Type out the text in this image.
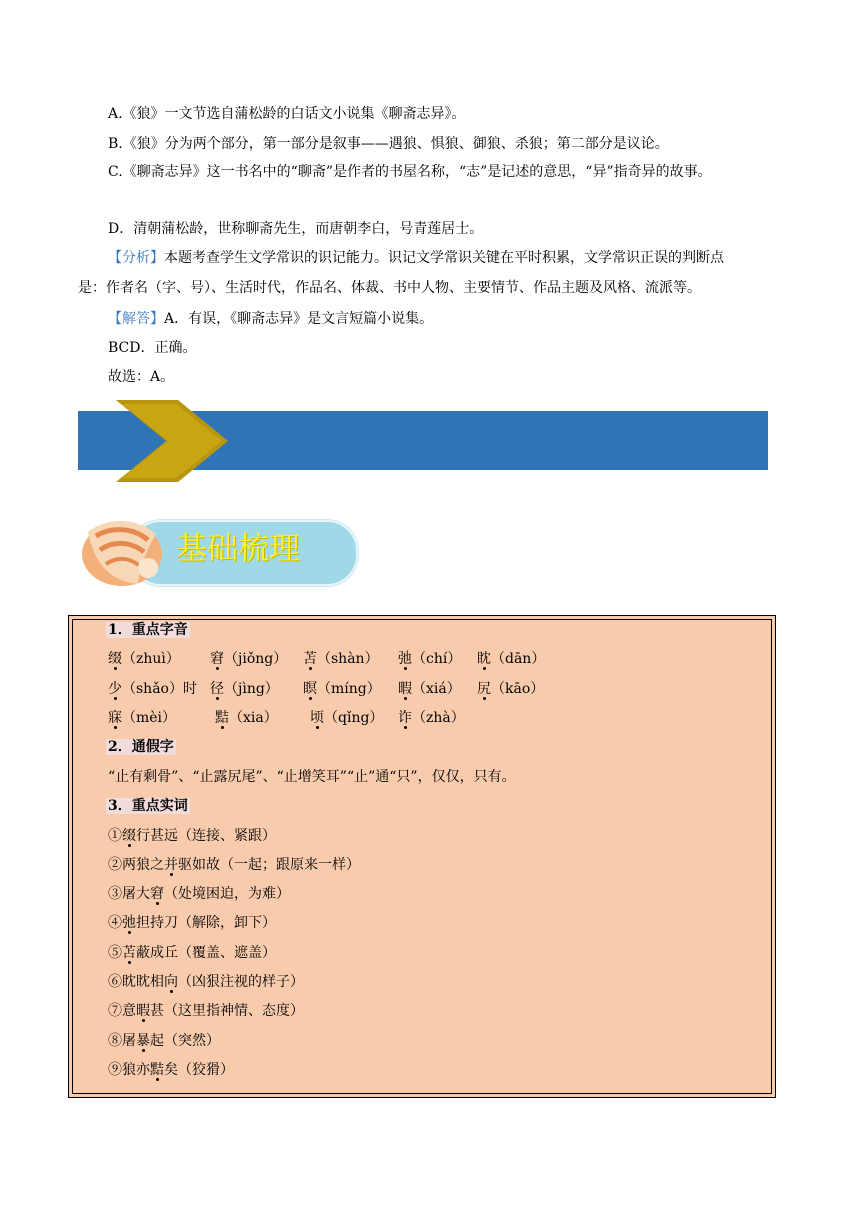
A.《狼》一文节选自蒲松龄的白话文小说集《聊斋志异》。
B.《狼》分为两个部分，第一部分是叙事——遇狼、惧狼、御狼、杀狼；第二部分是议论。
C.《聊斋志异》这一书名中的“聊斋”是作者的书屋名称，“志”是记述的意思，“异”指奇异的故事。
D．清朝蒲松龄，世称聊斋先生，而唐朝李白，号青莲居士。
【分析】本题考查学生文学常识的识记能力。识记文学常识关键在平时积累，文学常识正误的判断点
是：作者名（字、号）、生活时代，作品名、体裁、书中人物、主要情节、作品主题及风格、流派等。
【解答】A．有误，《聊斋志异》是文言短篇小说集。
BCD．正确。
故选：A。
基础梳理
1．重点字音
缀（zhuì） 窘（jiǒng） 苫（shàn） 弛（chí） 眈（dān）
少（shǎo）时 径（jìng） 瞑（míng） 暇（xiá） 尻（kāo）
寐（mèi）	黠（xia） 顷（qǐng） 诈（zhà）
2．通假字
“止有剩骨”、“止露尻尾”、“止增笑耳”“止”通“只”，仅仅，只有。
3．重点实词
①缀行甚远（连接、紧跟）
②两狼之并驱如故（一起；跟原来一样）
③屠大窘（处境困迫，为难）
④弛担持刀（解除，卸下）
⑤苫蔽成丘（覆盖、遮盖）
⑥眈眈相向（凶狠注视的样子）
⑦意暇甚（这里指神情、态度）
⑧屠暴起（突然）
⑨狼亦黠矣（狡猾）
